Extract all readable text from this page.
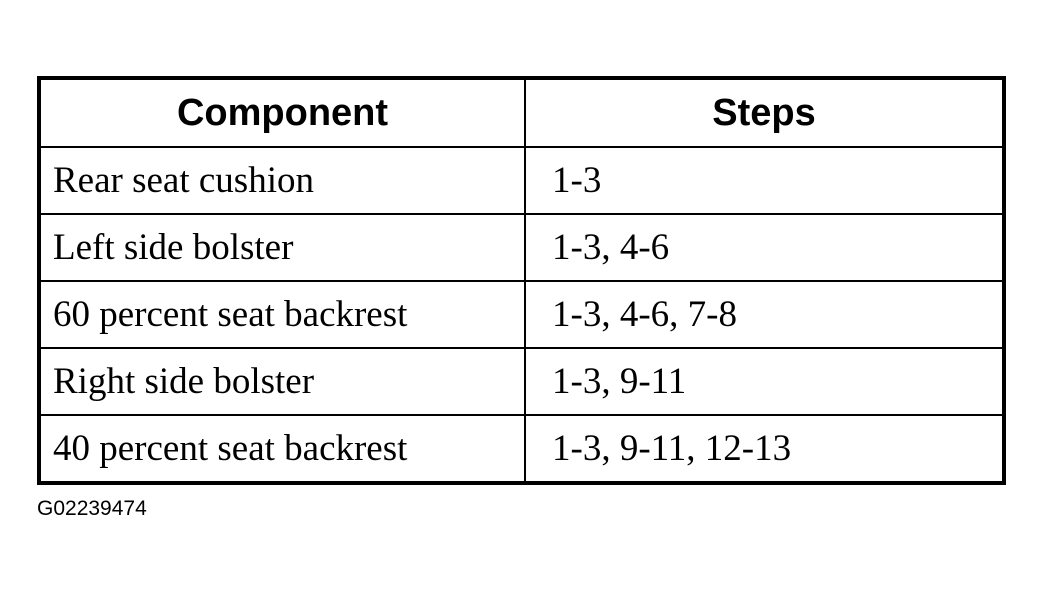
Component	Steps
Rear seat cushion	1-3
Left side bolster	1-3, 4-6
60 percent seat backrest	1-3, 4-6, 7-8
Right side bolster	1-3, 9-11
40 percent seat backrest	1-3, 9-11, 12-13
G02239474
